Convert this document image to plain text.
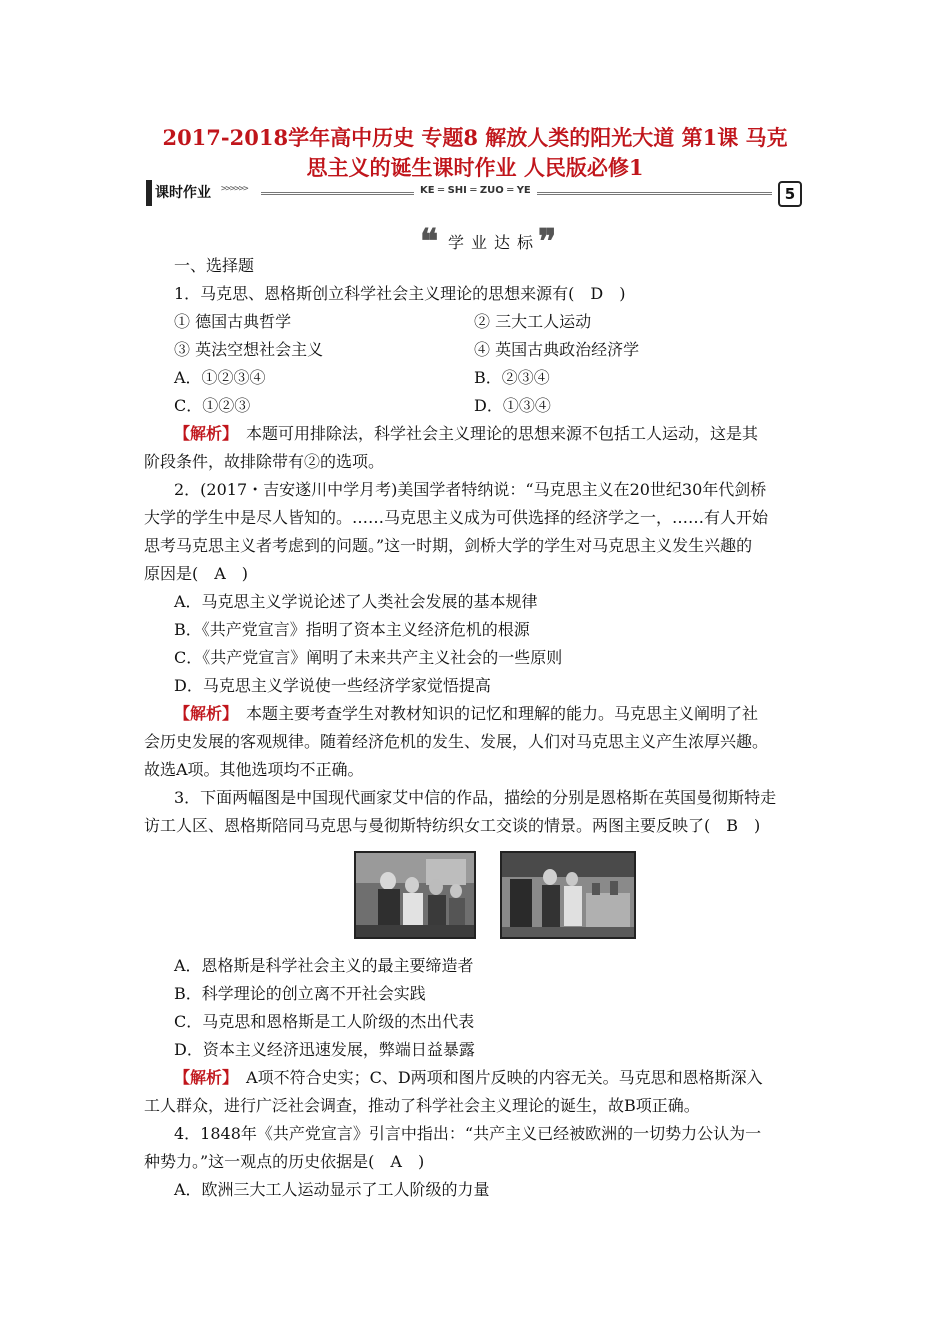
2017-2018学年高中历史 专题8 解放人类的阳光大道 第1课 马克
思主义的诞生课时作业 人民版必修1
课时作业 >>>>>>	KE ═ SHI ═ ZUO ═ YE	5
❝ 学业达标
❞
一、选择题
1．马克思、恩格斯创立科学社会主义理论的思想来源有(　D　)
① 德国古典哲学	② 三大工人运动
③ 英法空想社会主义	④ 英国古典政治经济学
A．①②③④	B．②③④
C．①②③	D．①③④
【解析】　本题可用排除法，科学社会主义理论的思想来源不包括工人运动，这是其
阶段条件，故排除带有②的选项。
2．(2017・吉安遂川中学月考)美国学者特纳说：“马克思主义在20世纪30年代剑桥
大学的学生中是尽人皆知的。……马克思主义成为可供选择的经济学之一，……有人开始
思考马克思主义者考虑到的问题。”这一时期，剑桥大学的学生对马克思主义发生兴趣的
原因是(　A　)
A．马克思主义学说论述了人类社会发展的基本规律
B．《共产党宣言》指明了资本主义经济危机的根源
C．《共产党宣言》阐明了未来共产主义社会的一些原则
D．马克思主义学说使一些经济学家觉悟提高
【解析】　本题主要考查学生对教材知识的记忆和理解的能力。马克思主义阐明了社
会历史发展的客观规律。随着经济危机的发生、发展，人们对马克思主义产生浓厚兴趣。
故选A项。其他选项均不正确。
3．下面两幅图是中国现代画家艾中信的作品，描绘的分别是恩格斯在英国曼彻斯特走
访工人区、恩格斯陪同马克思与曼彻斯特纺织女工交谈的情景。两图主要反映了(　B　)
A．恩格斯是科学社会主义的最主要缔造者
B．科学理论的创立离不开社会实践
C．马克思和恩格斯是工人阶级的杰出代表
D．资本主义经济迅速发展，弊端日益暴露
【解析】　A项不符合史实；C、D两项和图片反映的内容无关。马克思和恩格斯深入
工人群众，进行广泛社会调查，推动了科学社会主义理论的诞生，故B项正确。
4．1848年《共产党宣言》引言中指出：“共产主义已经被欧洲的一切势力公认为一
种势力。”这一观点的历史依据是(　A　)
A．欧洲三大工人运动显示了工人阶级的力量
